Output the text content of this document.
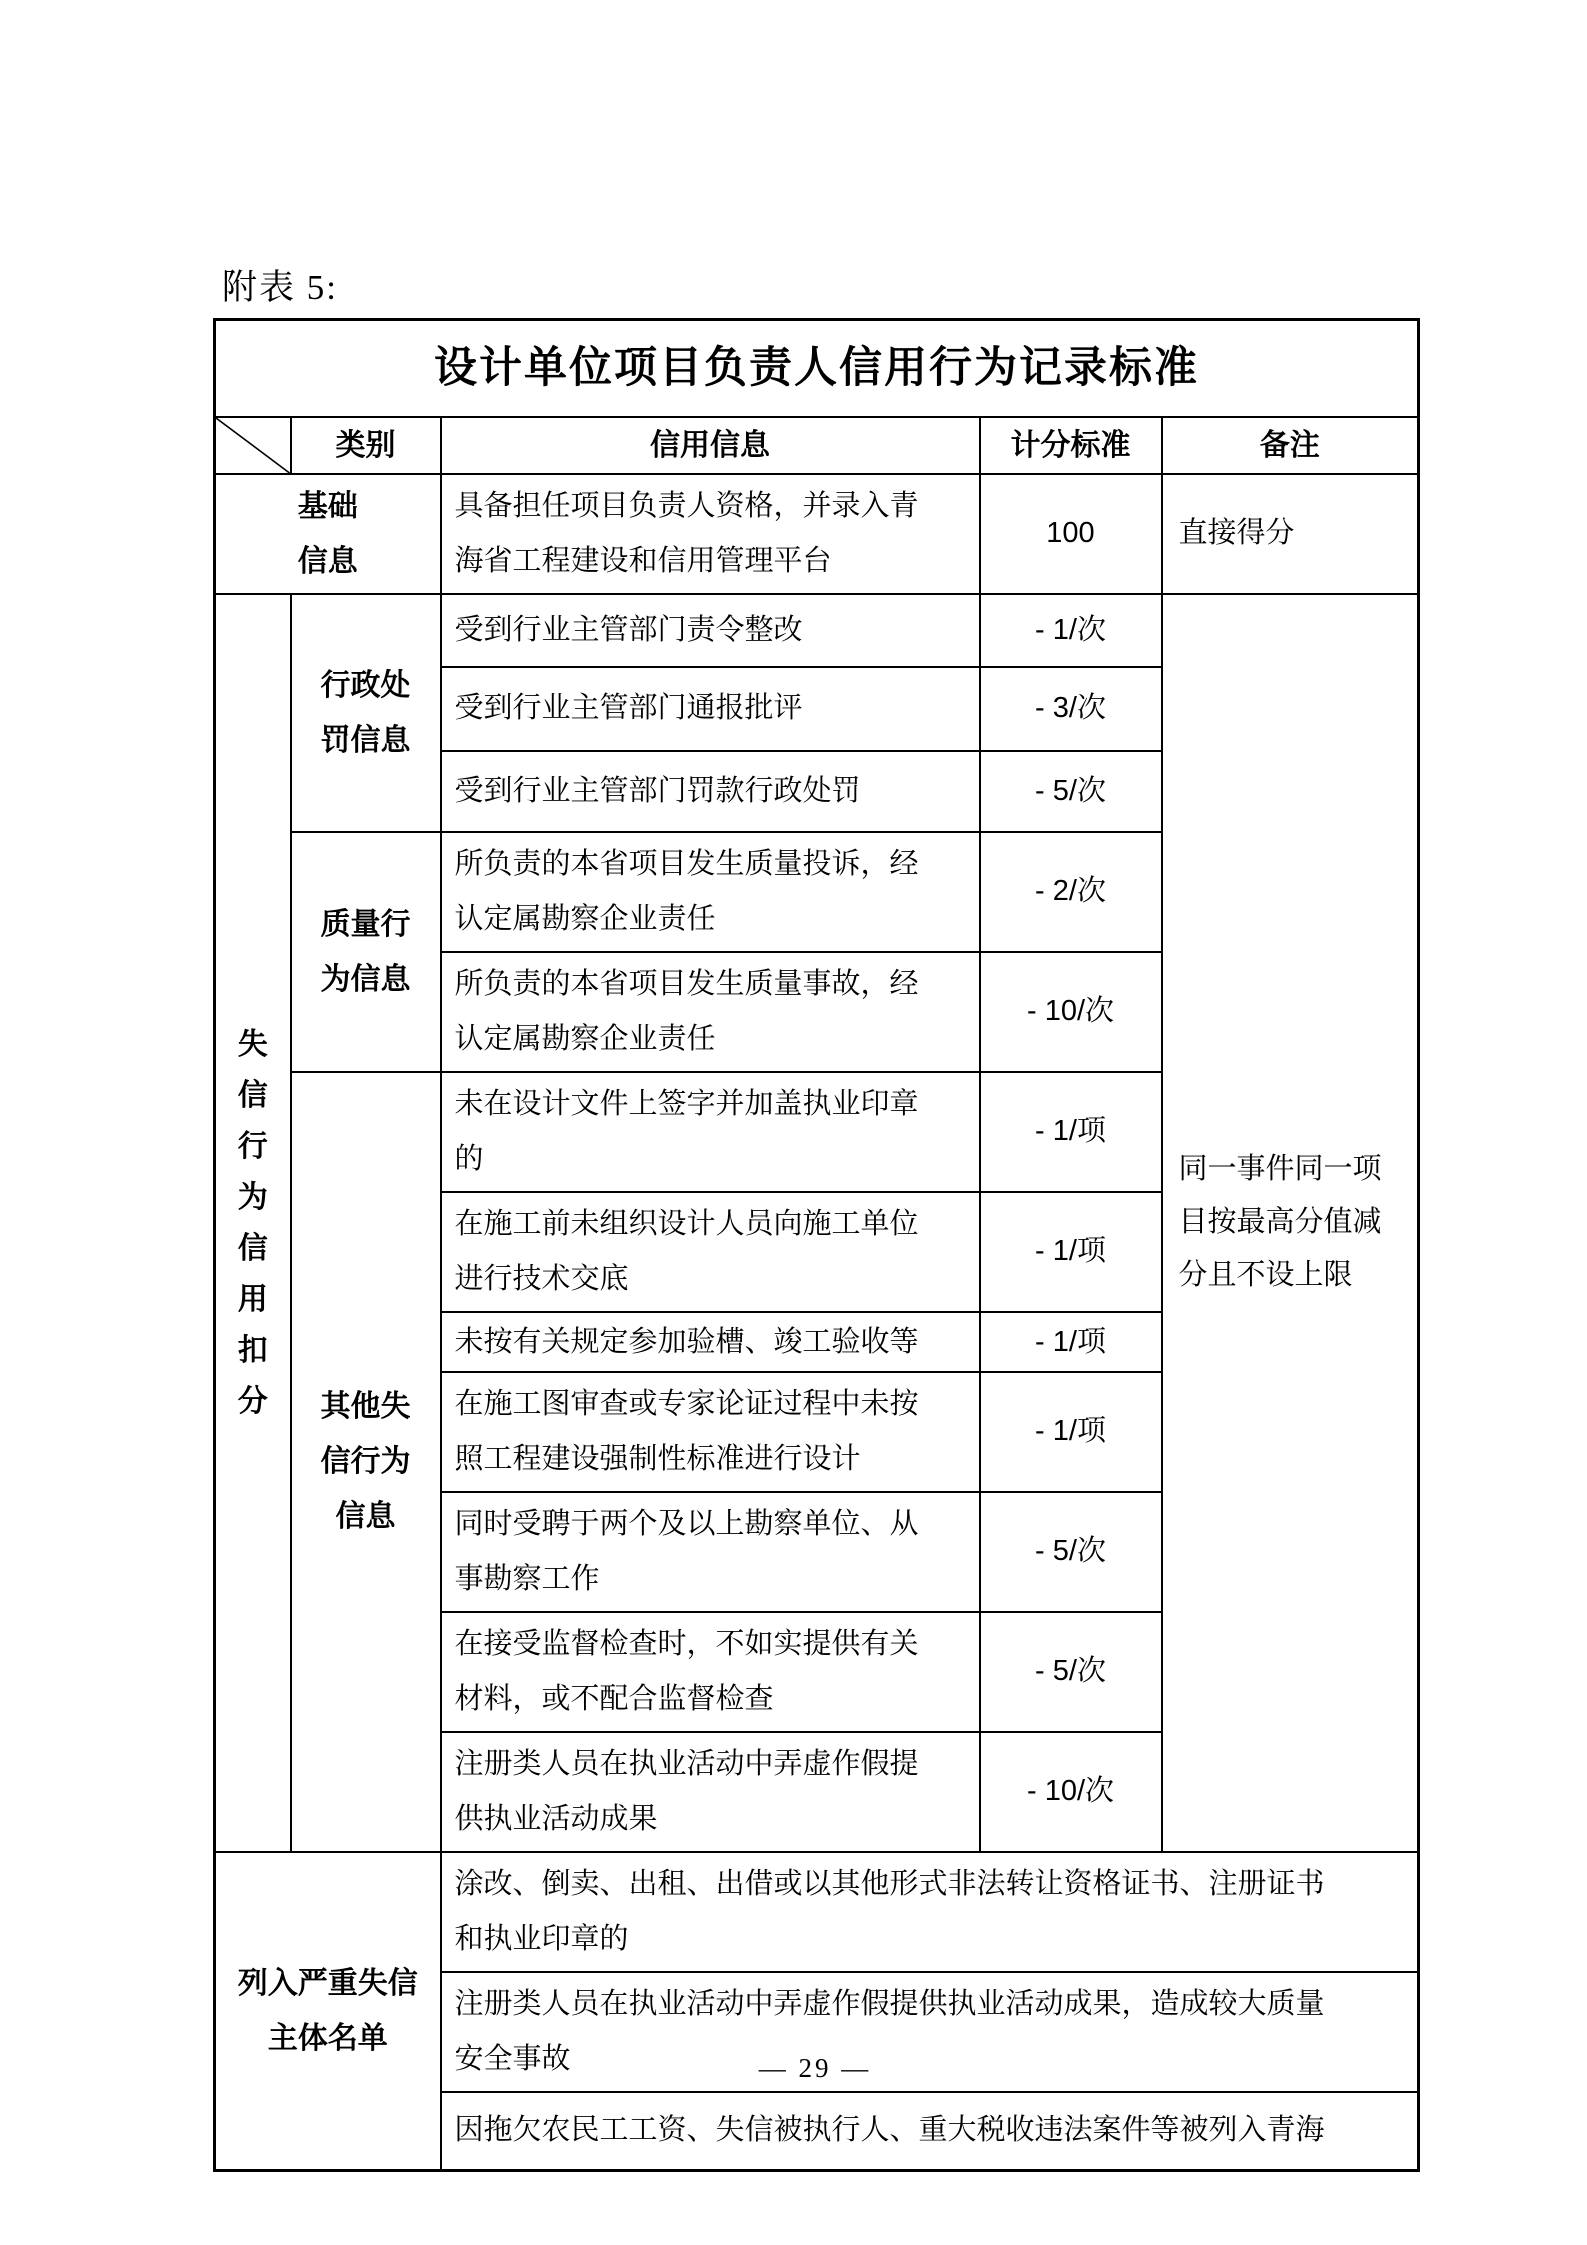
附表 5:
设计单位项目负责人信用行为记录标准				

	类别	信用信息	计分标准	备注

基础信息		具备担任项目负责人资格，并录入青海省工程建设和信用管理平台	100	直接得分

失信行为信用扣分	行政处罚信息	受到行业主管部门责令整改	- 1/次	同一事件同一项目按最高分值减分且不设上限
		受到行业主管部门通报批评	- 3/次	
		受到行业主管部门罚款行政处罚	- 5/次	

	质量行为信息	所负责的本省项目发生质量投诉，经认定属勘察企业责任	- 2/次	
		所负责的本省项目发生质量事故，经认定属勘察企业责任	- 10/次	

	其他失信行为信息	未在设计文件上签字并加盖执业印章的	- 1/项	
		在施工前未组织设计人员向施工单位进行技术交底	- 1/项	
		未按有关规定参加验槽、竣工验收等	- 1/项	
		在施工图审查或专家论证过程中未按照工程建设强制性标准进行设计	- 1/项	
		同时受聘于两个及以上勘察单位、从事勘察工作	- 5/次	
		在接受监督检查时，不如实提供有关材料，或不配合监督检查	- 5/次	
		注册类人员在执业活动中弄虚作假提供执业活动成果	- 10/次	

列入严重失信主体名单		涂改、倒卖、出租、出借或以其他形式非法转让资格证书、注册证书和执业印章的		
		注册类人员在执业活动中弄虚作假提供执业活动成果，造成较大质量安全事故		
		因拖欠农民工工资、失信被执行人、重大税收违法案件等被列入青海		
— 29 —
